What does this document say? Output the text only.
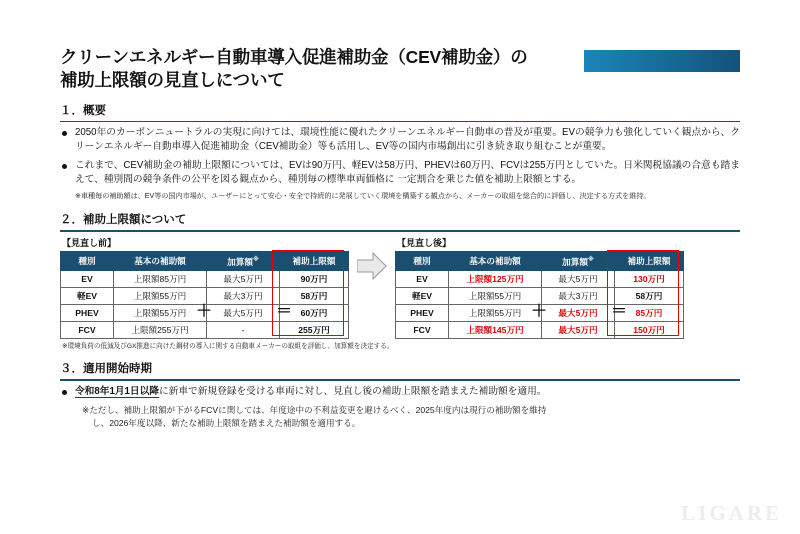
クリーンエネルギー自動車導入促進補助金（CEV補助金）の
補助上限額の見直しについて
１．概要
2050年のカーボンニュートラルの実現に向けては、環境性能に優れたクリーンエネルギー自動車の普及が重要。EVの競争力も強化していく観点から、クリーンエネルギー自動車導入促進補助金（CEV補助金）等も活用し、EV等の国内市場創出に引き続き取り組むことが重要。
これまで、CEV補助金の補助上限額については、EVは90万円、軽EVは58万円、PHEVは60万円、FCVは255万円としていた。日米関税協議の合意も踏まえて、種別間の競争条件の公平を図る観点から、種別毎の標準車両価格に 一定割合を乗じた値を補助上限額とする。
※車種毎の補助額は、EV等の国内市場が、ユーザーにとって安心・安全で持続的に発展していく環境を構築する観点から、メーカーの取組を総合的に評価し、決定する方式を維持。
２．補助上限額について
【見直し前】
種別	基本の補助額	加算額※	補助上限額
EV	上限額85万円	最大5万円	90万円
軽EV	上限額55万円	最大3万円	58万円
PHEV	上限額55万円	最大5万円	60万円
FCV	上限額255万円	-	255万円
＋	＝
【見直し後】
種別	基本の補助額	加算額※	補助上限額
EV	上限額125万円	最大5万円	130万円
軽EV	上限額55万円	最大3万円	58万円
PHEV	上限額55万円	最大5万円	85万円
FCV	上限額145万円	最大5万円	150万円
＋	＝
※環境負荷の低減及びGX推進に向けた鋼材の導入に関する自動車メーカーの取組を評価し、加算額を決定する。
３．適用開始時期
令和8年1月1日以降に新車で新規登録を受ける車両に対し、見直し後の補助上限額を踏まえた補助額を適用。
※ただし、補助上限額が下がるFCVに関しては、年度途中の不利益変更を避けるべく、2025年度内は現行の補助額を維持
し、2026年度以降、新たな補助上限額を踏まえた補助額を適用する。
LIGARE
